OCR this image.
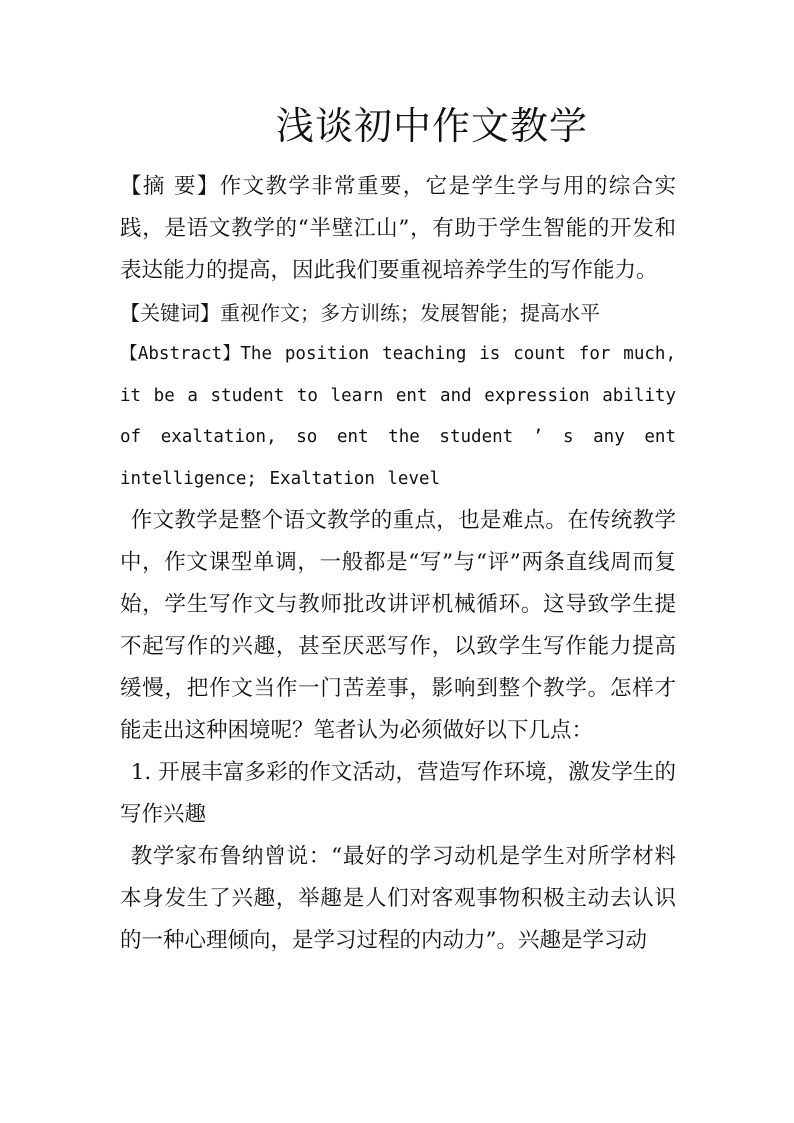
浅谈初中作文教学

【摘 要】作文教学非常重要，它是学生学与用的综合实践，是语文教学的“半壁江山”，有助于学生智能的开发和表达能力的提高，因此我们要重视培养学生的写作能力。

【关键词】重视作文；多方训练；发展智能；提高水平

【Abstract】The position teaching is count for much, it be a student to learn ent and expression ability of exaltation, so ent the student ’ s any ent intelligence; Exaltation level

作文教学是整个语文教学的重点，也是难点。在传统教学中，作文课型单调，一般都是“写”与“评”两条直线周而复始，学生写作文与教师批改讲评机械循环。这导致学生提不起写作的兴趣，甚至厌恶写作，以致学生写作能力提高缓慢，把作文当作一门苦差事，影响到整个教学。怎样才能走出这种困境呢？笔者认为必须做好以下几点：

1. 开展丰富多彩的作文活动，营造写作环境，激发学生的写作兴趣

教学家布鲁纳曾说：“最好的学习动机是学生对所学材料本身发生了兴趣，举趣是人们对客观事物积极主动去认识的一种心理倾向，是学习过程的内动力”。兴趣是学习动
